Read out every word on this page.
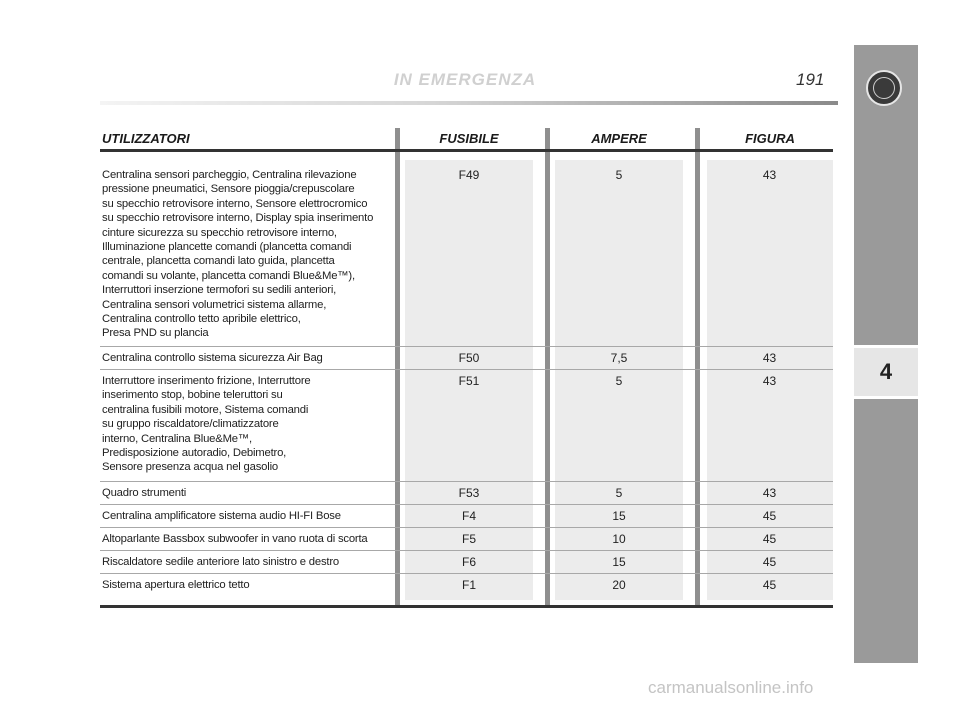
4
IN EMERGENZA	191
UTILIZZATORI	FUSIBILE	AMPERE	FIGURA
Centralina sensori parcheggio, Centralina rilevazione
pressione pneumatici, Sensore pioggia/crepuscolare
su specchio retrovisore interno, Sensore elettrocromico
su specchio retrovisore interno, Display spia inserimento
cinture sicurezza su specchio retrovisore interno,
Illuminazione plancette comandi (plancetta comandi
centrale, plancetta comandi lato guida, plancetta
comandi su volante, plancetta comandi Blue&Me™),
Interruttori inserzione termofori su sedili anteriori,
Centralina sensori volumetrici sistema allarme,
Centralina controllo tetto apribile elettrico,
Presa PND su plancia
F49	5	43
Centralina controllo sistema sicurezza Air Bag	F50	7,5	43
Interruttore inserimento frizione, Interruttore
inserimento stop, bobine teleruttori su
centralina fusibili motore, Sistema comandi
su gruppo riscaldatore/climatizzatore
interno, Centralina Blue&Me™,
Predisposizione autoradio, Debimetro,
Sensore presenza acqua nel gasolio
F51	5	43
Quadro strumenti	F53	5	43
Centralina amplificatore sistema audio HI-FI Bose	F4	15	45
Altoparlante Bassbox subwoofer in vano ruota di scorta	F5	10	45
Riscaldatore sedile anteriore lato sinistro e destro	F6	15	45
Sistema apertura elettrico tetto	F1	20	45
carmanualsonline.info
